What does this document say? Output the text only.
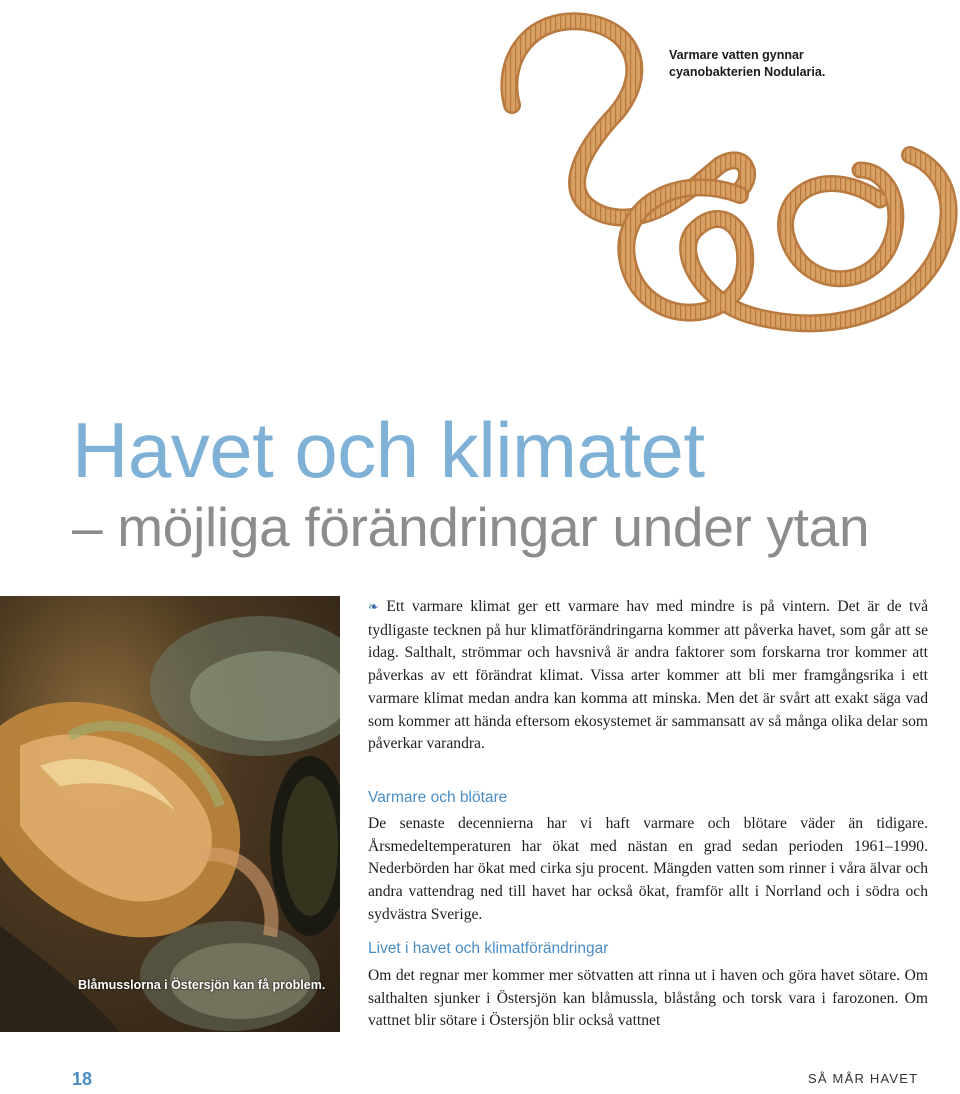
Varmare vatten gynnar cyanobakterien Nodularia.
Havet och klimatet
– möjliga förändringar under ytan
Blåmusslorna i Östersjön kan få problem.

❧ Ett varmare klimat ger ett varmare hav med mindre is på vintern. Det är de två tydligaste tecknen på hur klimatförändringarna kommer att påverka havet, som går att se idag. Salthalt, strömmar och havsnivå är andra faktorer som forskarna tror kommer att påverkas av ett förändrat klimat. Vissa arter kommer att bli mer framgångsrika i ett varmare klimat medan andra kan komma att minska. Men det är svårt att exakt säga vad som kommer att hända eftersom ekosystemet är sammansatt av så många olika delar som påverkar varandra.

Varmare och blötare

De senaste decennierna har vi haft varmare och blötare väder än tidigare. Årsmedeltemperaturen har ökat med nästan en grad sedan perioden 1961–1990. Nederbörden har ökat med cirka sju procent. Mängden vatten som rinner i våra älvar och andra vattendrag ned till havet har också ökat, framför allt i Norrland och i södra och sydvästra Sverige.

Livet i havet och klimatförändringar

Om det regnar mer kommer mer sötvatten att rinna ut i haven och göra havet sötare. Om salthalten sjunker i Östersjön kan blåmussla, blåstång och torsk vara i farozonen. Om vattnet blir sötare i Östersjön blir också vattnet

18	SÅ MÅR HAVET
